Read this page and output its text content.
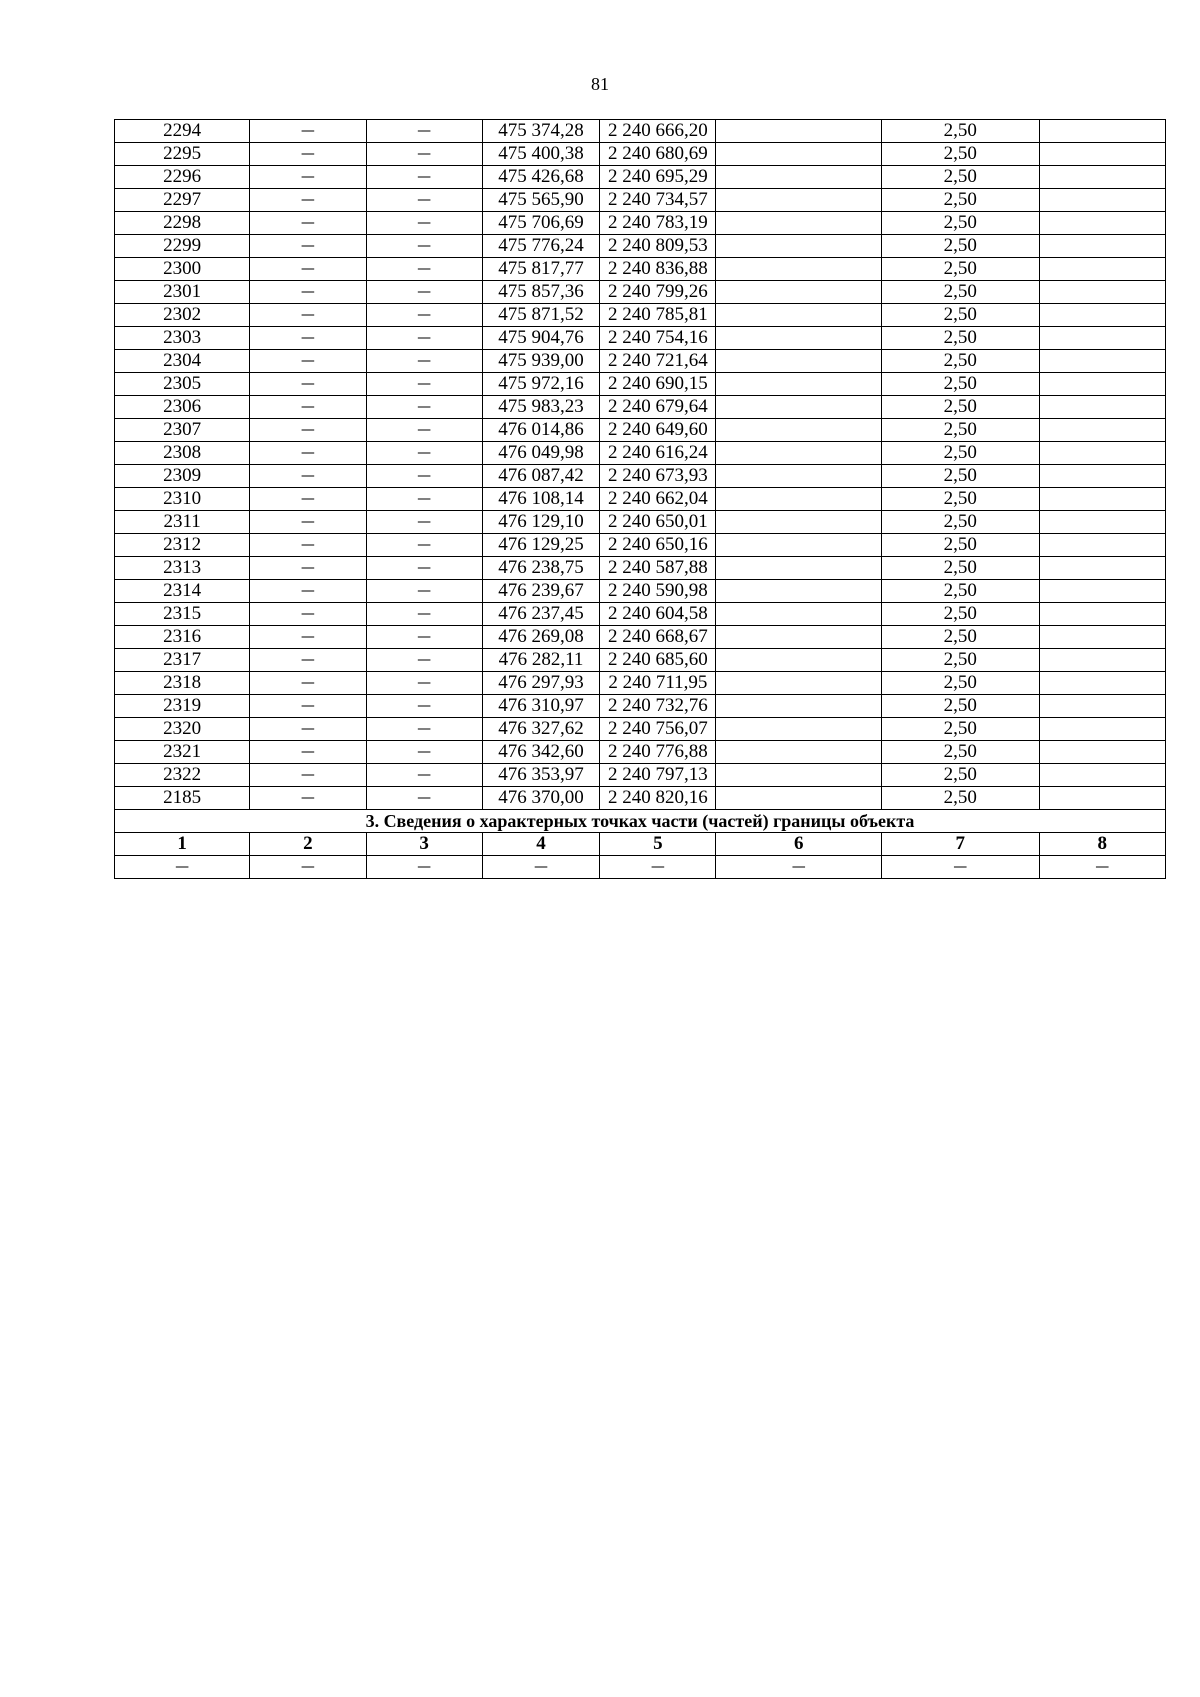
81
2294	—	—	475 374,28	2 240 666,20		2,50	
2295	—	—	475 400,38	2 240 680,69		2,50	
2296	—	—	475 426,68	2 240 695,29		2,50	
2297	—	—	475 565,90	2 240 734,57		2,50	
2298	—	—	475 706,69	2 240 783,19		2,50	
2299	—	—	475 776,24	2 240 809,53		2,50	
2300	—	—	475 817,77	2 240 836,88		2,50	
2301	—	—	475 857,36	2 240 799,26		2,50	
2302	—	—	475 871,52	2 240 785,81		2,50	
2303	—	—	475 904,76	2 240 754,16		2,50	
2304	—	—	475 939,00	2 240 721,64		2,50	
2305	—	—	475 972,16	2 240 690,15		2,50	
2306	—	—	475 983,23	2 240 679,64		2,50	
2307	—	—	476 014,86	2 240 649,60		2,50	
2308	—	—	476 049,98	2 240 616,24		2,50	
2309	—	—	476 087,42	2 240 673,93		2,50	
2310	—	—	476 108,14	2 240 662,04		2,50	
2311	—	—	476 129,10	2 240 650,01		2,50	
2312	—	—	476 129,25	2 240 650,16		2,50	
2313	—	—	476 238,75	2 240 587,88		2,50	
2314	—	—	476 239,67	2 240 590,98		2,50	
2315	—	—	476 237,45	2 240 604,58		2,50	
2316	—	—	476 269,08	2 240 668,67		2,50	
2317	—	—	476 282,11	2 240 685,60		2,50	
2318	—	—	476 297,93	2 240 711,95		2,50	
2319	—	—	476 310,97	2 240 732,76		2,50	
2320	—	—	476 327,62	2 240 756,07		2,50	
2321	—	—	476 342,60	2 240 776,88		2,50	
2322	—	—	476 353,97	2 240 797,13		2,50	
2185	—	—	476 370,00	2 240 820,16		2,50	
3. Сведения о характерных точках части (частей) границы объекта							
1	2	3	4	5	6	7	8
—	—	—	—	—	—	—	—
